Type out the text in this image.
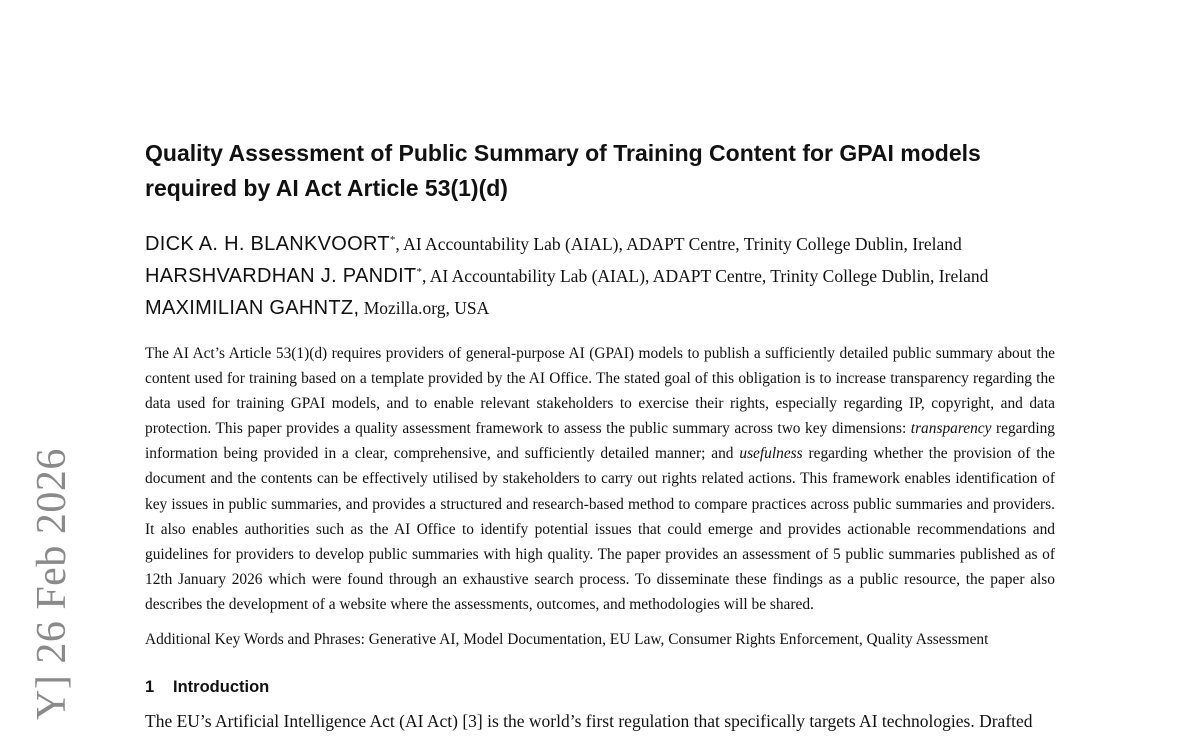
Y] 26 Feb 2026
Quality Assessment of Public Summary of Training Content for GPAI models required by AI Act Article 53(1)(d)
DICK A. H. BLANKVOORT*, AI Accountability Lab (AIAL), ADAPT Centre, Trinity College Dublin, Ireland
HARSHVARDHAN J. PANDIT*, AI Accountability Lab (AIAL), ADAPT Centre, Trinity College Dublin, Ireland
MAXIMILIAN GAHNTZ, Mozilla.org, USA
The AI Act’s Article 53(1)(d) requires providers of general-purpose AI (GPAI) models to publish a sufficiently detailed public summary about the content used for training based on a template provided by the AI Office. The stated goal of this obligation is to increase transparency regarding the data used for training GPAI models, and to enable relevant stakeholders to exercise their rights, especially regarding IP, copyright, and data protection. This paper provides a quality assessment framework to assess the public summary across two key dimensions: transparency regarding information being provided in a clear, comprehensive, and sufficiently detailed manner; and usefulness regarding whether the provision of the document and the contents can be effectively utilised by stakeholders to carry out rights related actions. This framework enables identification of key issues in public summaries, and provides a structured and research-based method to compare practices across public summaries and providers. It also enables authorities such as the AI Office to identify potential issues that could emerge and provides actionable recommendations and guidelines for providers to develop public summaries with high quality. The paper provides an assessment of 5 public summaries published as of 12th January 2026 which were found through an exhaustive search process. To disseminate these findings as a public resource, the paper also describes the development of a website where the assessments, outcomes, and methodologies will be shared.
Additional Key Words and Phrases: Generative AI, Model Documentation, EU Law, Consumer Rights Enforcement, Quality Assessment
1 Introduction
The EU’s Artificial Intelligence Act (AI Act) [3] is the world’s first regulation that specifically targets AI technologies. Drafted
